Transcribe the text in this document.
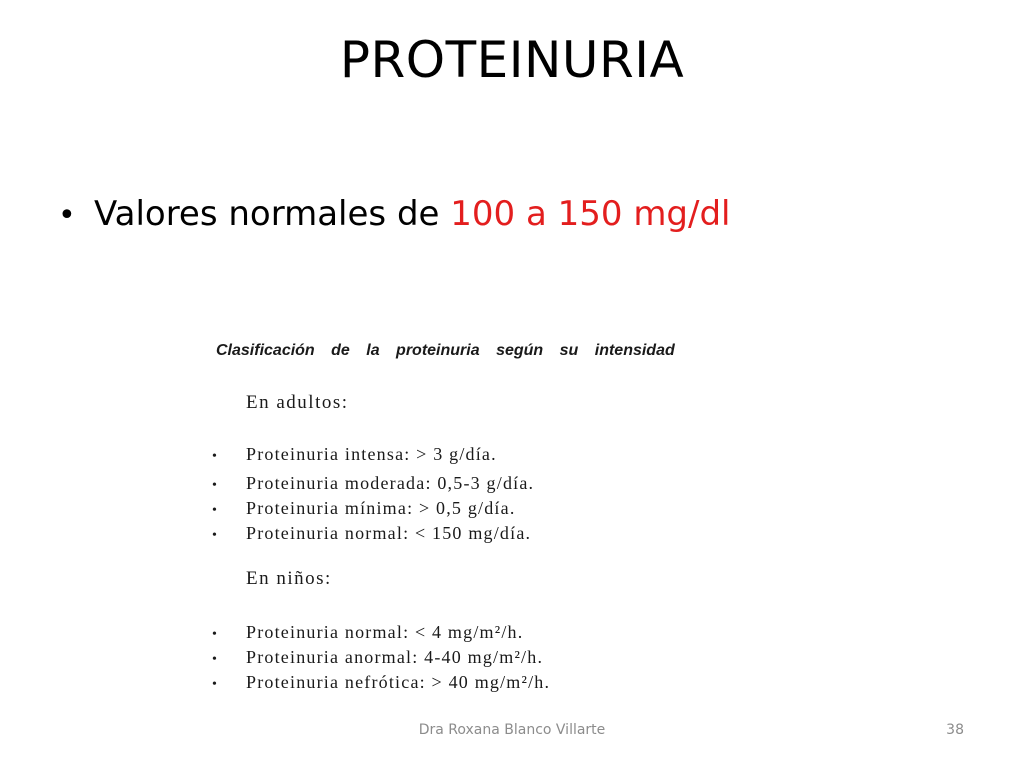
PROTEINURIA
• Valores normales de 100 a 150 mg/dl
Clasificación de la proteinuria según su intensidad
En adultos:
• Proteinuria intensa: > 3 g/día.
• Proteinuria moderada: 0,5-3 g/día.
• Proteinuria mínima: > 0,5 g/día.
• Proteinuria normal: < 150 mg/día.
En niños:
• Proteinuria normal: < 4 mg/m²/h.
• Proteinuria anormal: 4-40 mg/m²/h.
• Proteinuria nefrótica: > 40 mg/m²/h.
Dra Roxana Blanco Villarte	38
